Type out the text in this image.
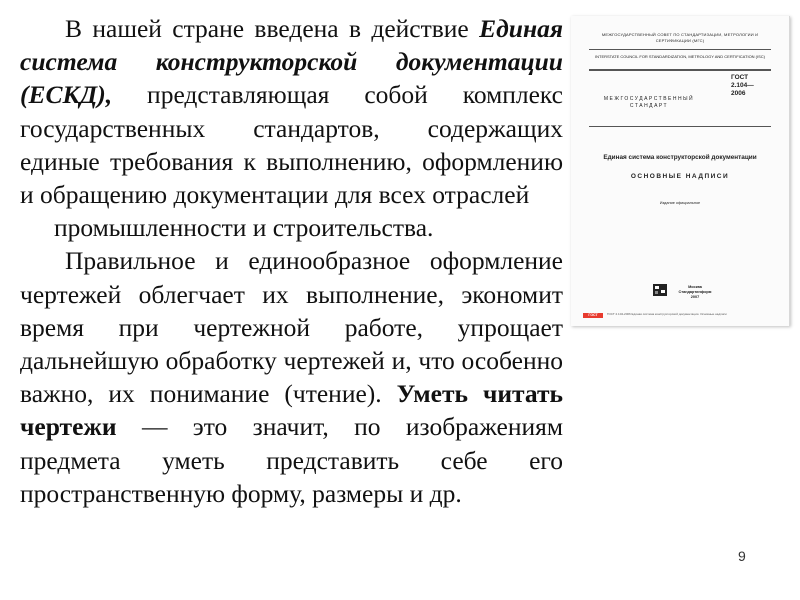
В нашей стране введена в действие Единая система конструкторской документации (ЕСКД), представляющая собой комплекс государственных стандартов, содержащих единые требования к выполнению, оформлению и обращению документации для всех отраслей
промышленности и строительства.

Правильное и единообразное оформление чертежей облегчает их выполнение, экономит время при чертежной работе, упрощает дальнейшую обработку чертежей и, что особенно важно, их понимание (чтение). Уметь читать чертежи — это значит, по изображениям предмета уметь представить себе его пространственную форму, размеры и др.

МЕЖГОСУДАРСТВЕННЫЙ СОВЕТ ПО СТАНДАРТИЗАЦИИ, МЕТРОЛОГИИ И СЕРТИФИКАЦИИ (МГС)
INTERSTATE COUNCIL FOR STANDARDIZATION, METROLOGY AND CERTIFICATION (ISC)
МЕЖГОСУДАРСТВЕННЫЙ СТАНДАРТ
ГОСТ
2.104—
2006
Единая система конструкторской документации
ОСНОВНЫЕ НАДПИСИ
Издание официальное
Москва
Стандартинформ
2007
ГОСТ	ГОСТ 2.104-2006 Единая система конструкторской документации. Основные надписи
9
